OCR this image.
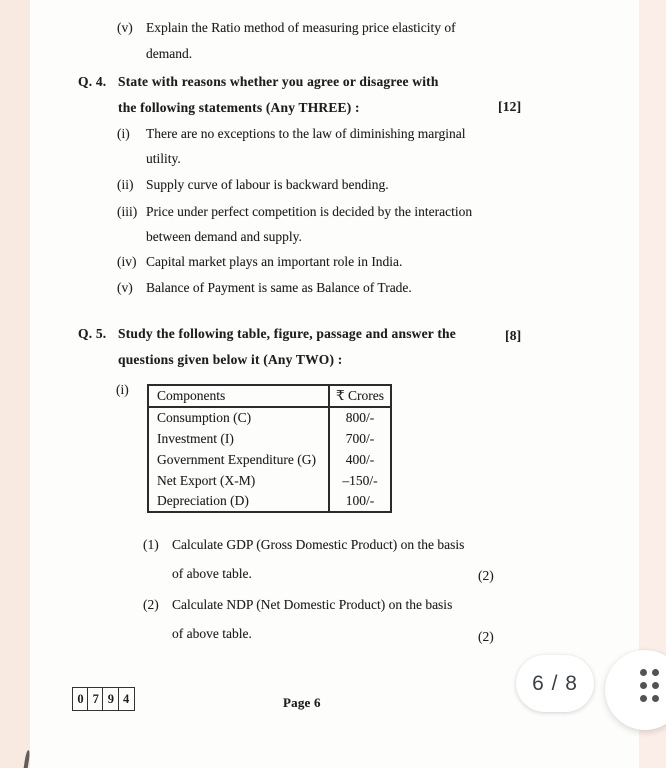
(v) Explain the Ratio method of measuring price elasticity of
demand.
Q. 4. State with reasons whether you agree or disagree with
the following statements (Any THREE) :	[12]
(i) There are no exceptions to the law of diminishing marginal
utility.
(ii) Supply curve of labour is backward bending.
(iii) Price under perfect competition is decided by the interaction
between demand and supply.
(iv) Capital market plays an important role in India.
(v) Balance of Payment is same as Balance of Trade.
Q. 5. Study the following table, figure, passage and answer the
questions given below it (Any TWO) :
[8]
(i) Components	₹ Crores
Consumption (C)	800/-
Investment (I)	700/-
Government Expenditure (G)	400/-
Net Export (X-M)	–150/-
Depreciation (D)	100/-
(1) Calculate GDP (Gross Domestic Product) on the basis
of above table.	(2)
(2) Calculate NDP (Net Domestic Product) on the basis
of above table.	(2)
0 7 9 4	Page 6
6 / 8
